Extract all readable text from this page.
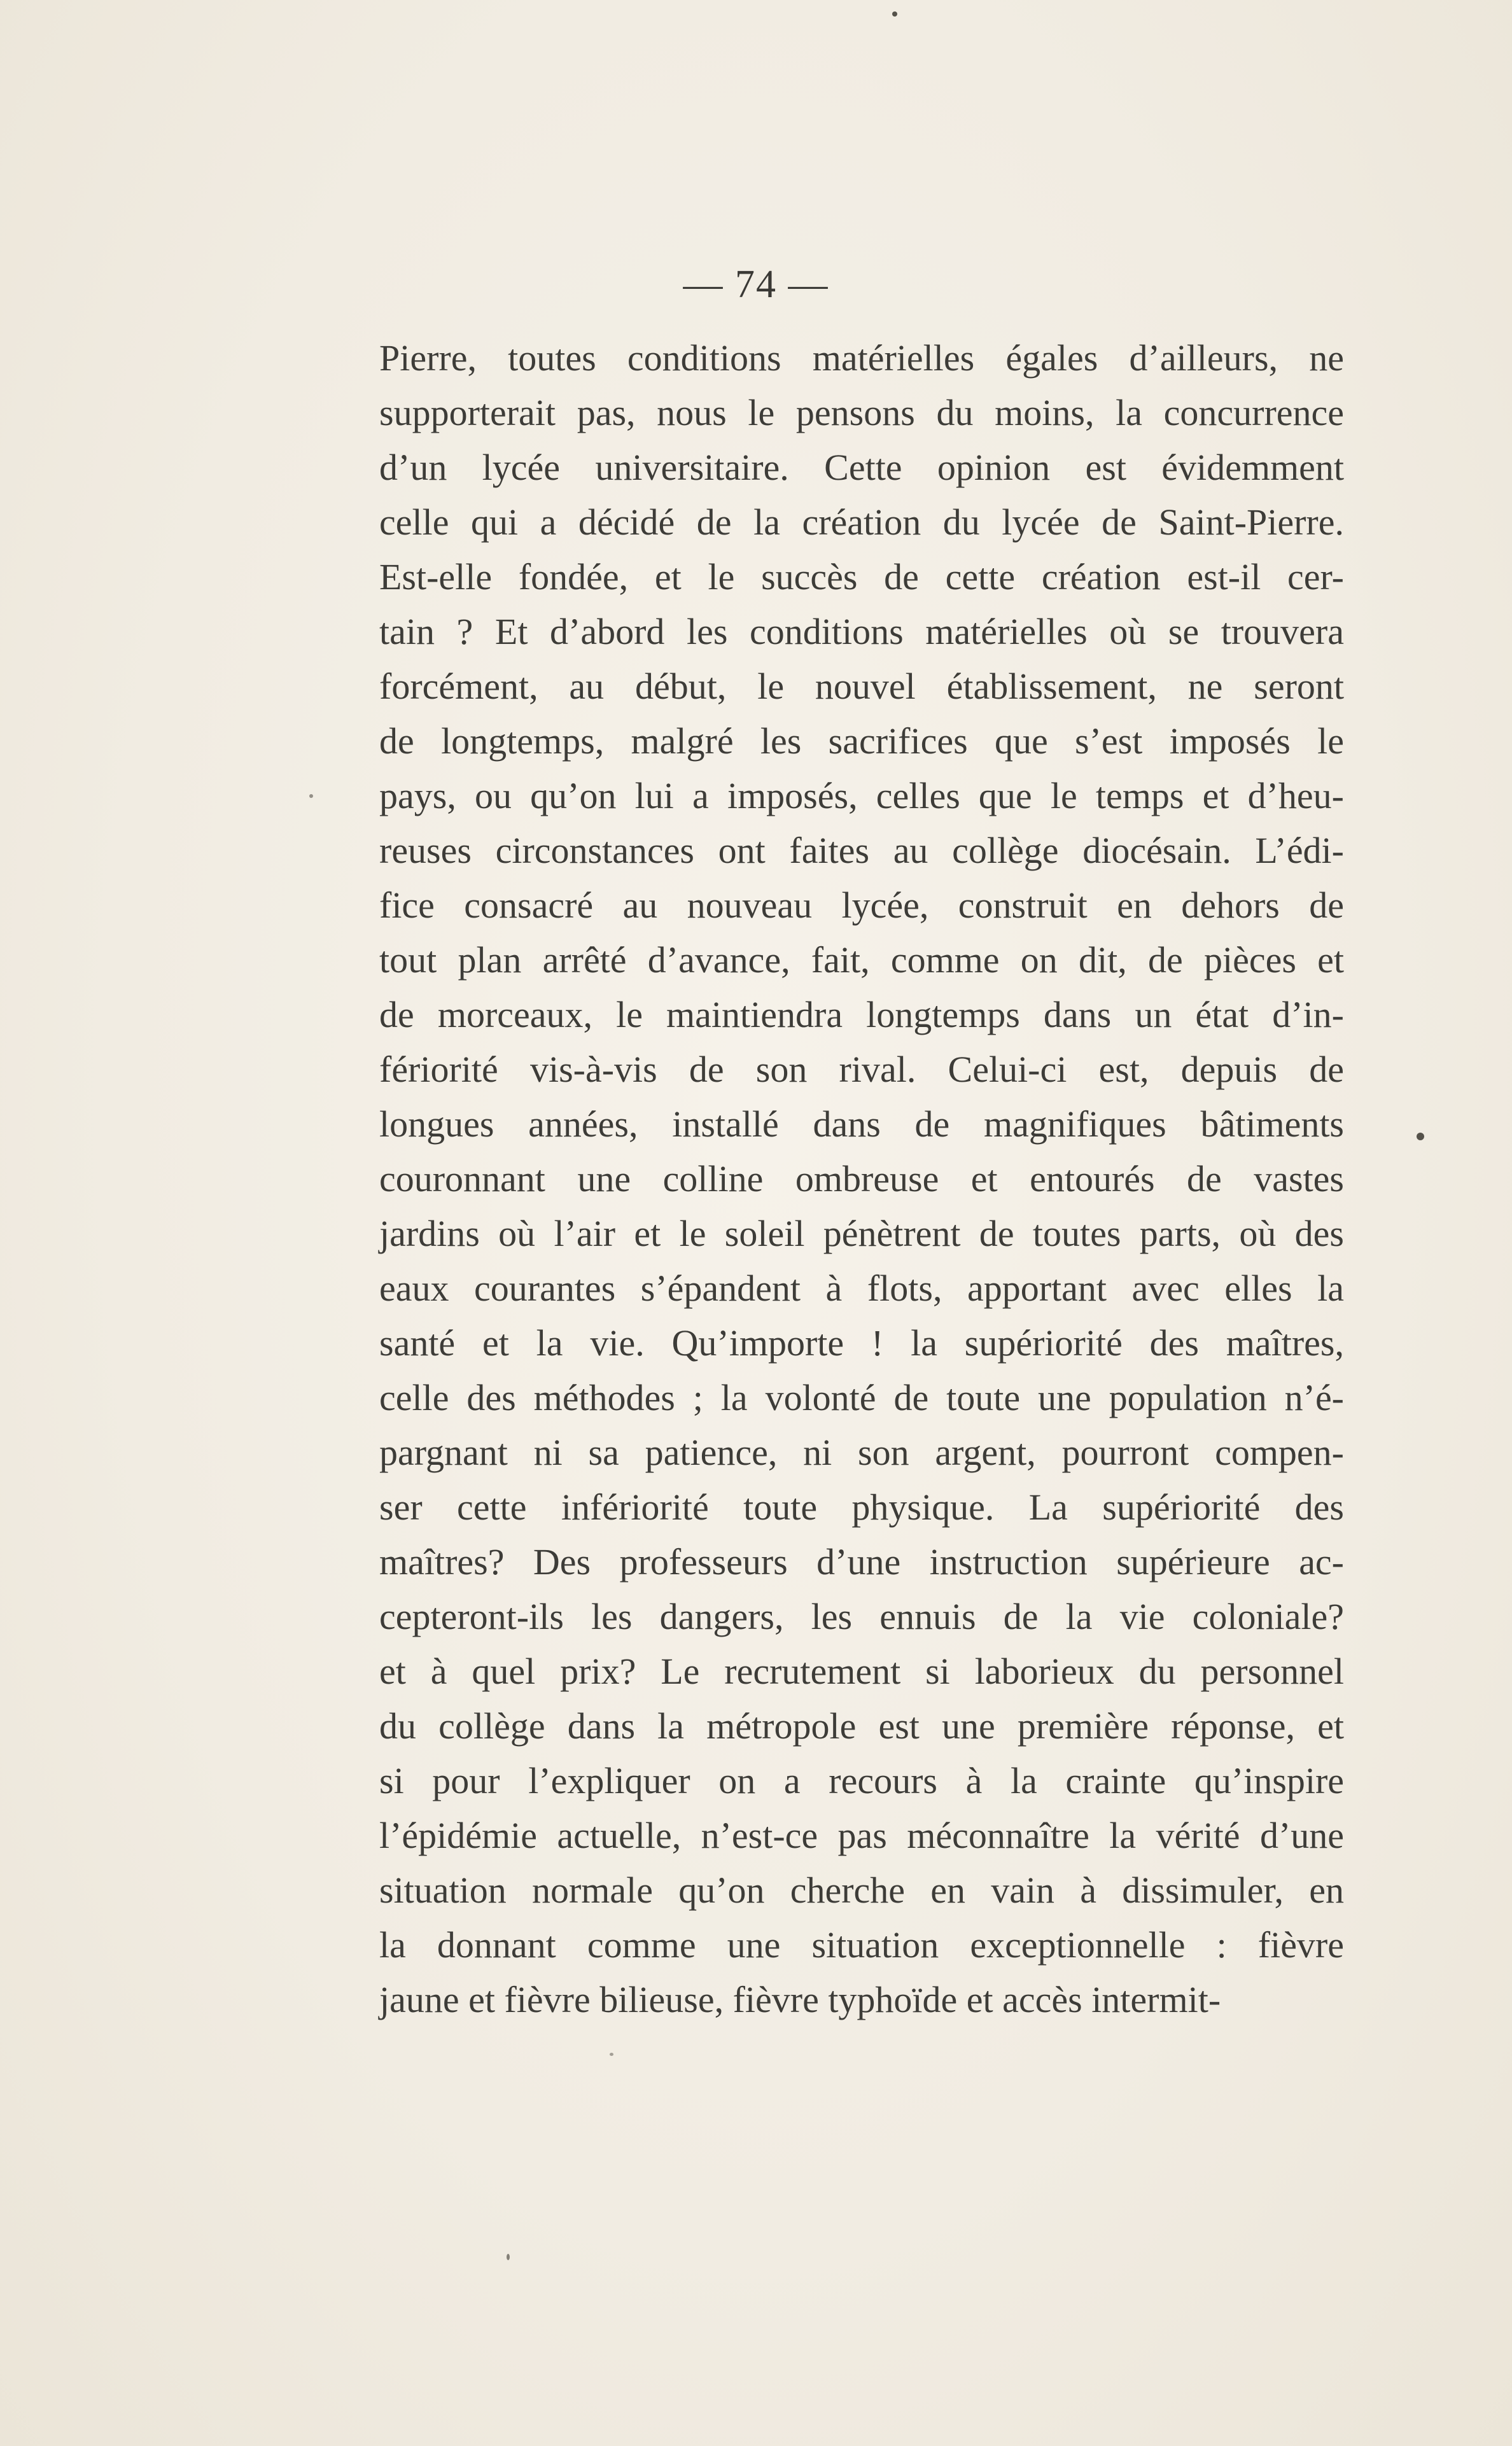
— 74 —
Pierre, toutes conditions matérielles égales d’ailleurs, ne
supporterait pas, nous le pensons du moins, la concurrence
d’un lycée universitaire. Cette opinion est évidemment
celle qui a décidé de la création du lycée de Saint-Pierre.
Est-elle fondée, et le succès de cette création est-il cer-
tain ? Et d’abord les conditions matérielles où se trouvera
forcément, au début, le nouvel établissement, ne seront
de longtemps, malgré les sacrifices que s’est imposés le
pays, ou qu’on lui a imposés, celles que le temps et d’heu-
reuses circonstances ont faites au collège diocésain. L’édi-
fice consacré au nouveau lycée, construit en dehors de
tout plan arrêté d’avance, fait, comme on dit, de pièces et
de morceaux, le maintiendra longtemps dans un état d’in-
fériorité vis-à-vis de son rival. Celui-ci est, depuis de
longues années, installé dans de magnifiques bâtiments
couronnant une colline ombreuse et entourés de vastes
jardins où l’air et le soleil pénètrent de toutes parts, où des
eaux courantes s’épandent à flots, apportant avec elles la
santé et la vie. Qu’importe ! la supériorité des maîtres,
celle des méthodes ; la volonté de toute une population n’é-
pargnant ni sa patience, ni son argent, pourront compen-
ser cette infériorité toute physique. La supériorité des
maîtres? Des professeurs d’une instruction supérieure ac-
cepteront-ils les dangers, les ennuis de la vie coloniale?
et à quel prix? Le recrutement si laborieux du personnel
du collège dans la métropole est une première réponse, et
si pour l’expliquer on a recours à la crainte qu’inspire
l’épidémie actuelle, n’est-ce pas méconnaître la vérité d’une
situation normale qu’on cherche en vain à dissimuler, en
la donnant comme une situation exceptionnelle : fièvre
jaune et fièvre bilieuse, fièvre typhoïde et accès intermit-
